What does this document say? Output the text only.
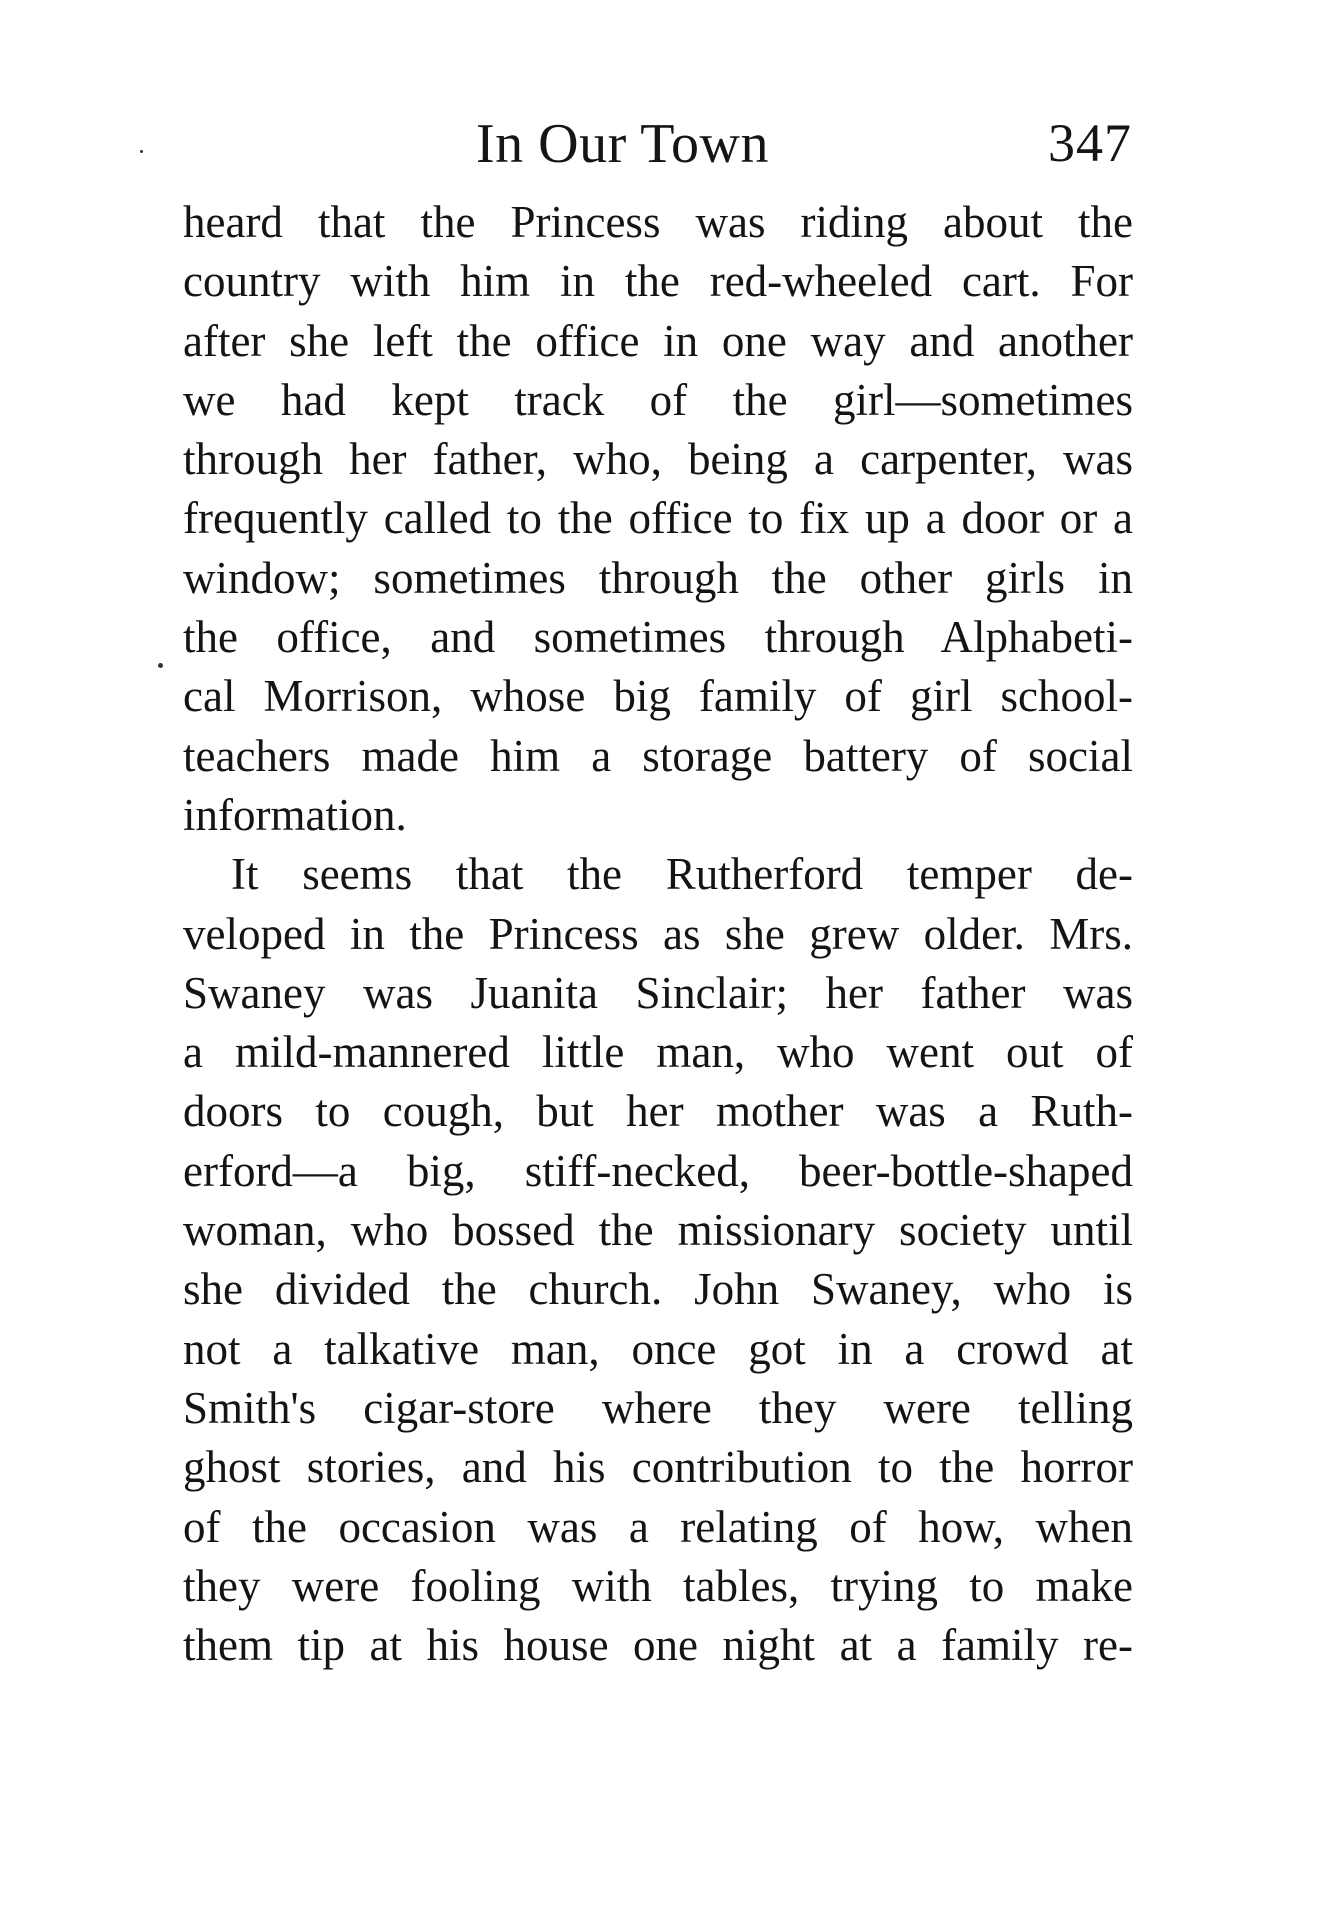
In Our Town	347
heard that the Princess was riding about the
country with him in the red-wheeled cart. For
after she left the office in one way and another
we had kept track of the girl—sometimes
through her father, who, being a carpenter, was
frequently called to the office to fix up a door or a
window; sometimes through the other girls in
the office, and sometimes through Alphabeti-
cal Morrison, whose big family of girl school-
teachers made him a storage battery of social
information.
It seems that the Rutherford temper de-
veloped in the Princess as she grew older. Mrs.
Swaney was Juanita Sinclair; her father was
a mild-mannered little man, who went out of
doors to cough, but her mother was a Ruth-
erford—a big, stiff-necked, beer-bottle-shaped
woman, who bossed the missionary society until
she divided the church. John Swaney, who is
not a talkative man, once got in a crowd at
Smith's cigar-store where they were telling
ghost stories, and his contribution to the horror
of the occasion was a relating of how, when
they were fooling with tables, trying to make
them tip at his house one night at a family re-
